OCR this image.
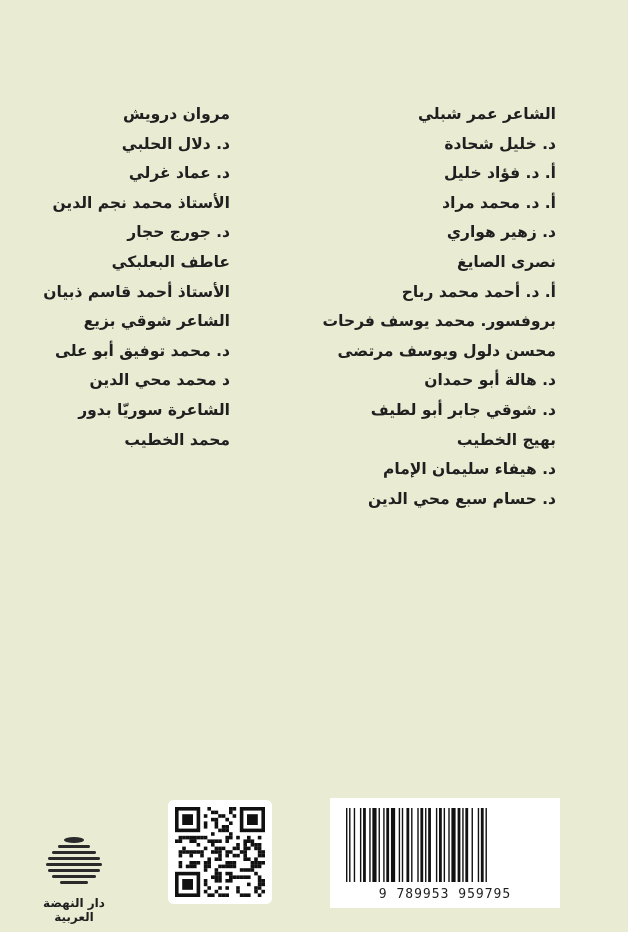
الشاعر عمر شبلي
د. خليل شحادة
أ. د. فؤاد خليل
أ. د. محمد مراد
د. زهير هواري
نصرى الصايغ
أ. د. أحمد محمد رباح
بروفسور. محمد يوسف فرحات
محسن دلول ويوسف مرتضى
د. هالة أبو حمدان
د. شوقي جابر أبو لطيف
بهيج الخطيب
د. هيفاء سليمان الإمام
د. حسام سبع محي الدين
مروان درويش
د. دلال الحلبي
د. عماد غرلي
الأستاذ محمد نجم الدين
د. جورج حجار
عاطف البعلبكي
الأستاذ أحمد قاسم ذبيان
الشاعر شوقي بزيع
د. محمد توفيق أبو على
د محمد محي الدين
الشاعرة سوريّا بدور
محمد الخطيب
9 789953 959795
دار النهضة العربية
